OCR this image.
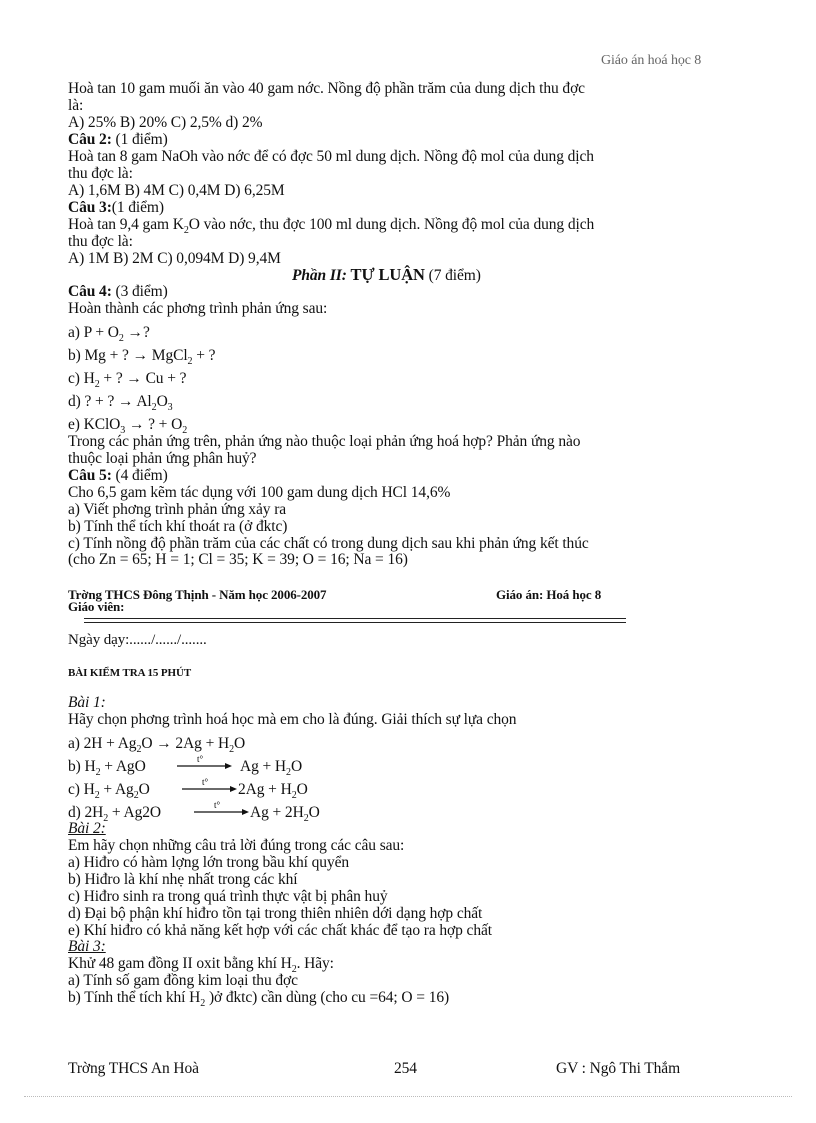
Giáo án hoá học 8
Hoà tan 10 gam muối ăn vào 40 gam nớc. Nồng độ phần trăm của dung dịch thu đợc
là:
A) 25% B) 20% C) 2,5% d) 2%
Câu 2: (1 điểm)
Hoà tan 8 gam NaOh vào nớc để có đợc 50 ml dung dịch. Nồng độ mol của dung dịch
thu đợc là:
A) 1,6M B) 4M C) 0,4M D) 6,25M
Câu 3:(1 điểm)
Hoà tan 9,4 gam $K_2O$ vào nớc, thu đợc 100 ml dung dịch. Nồng độ mol của dung dịch
thu đợc là:
A) 1M B) 2M C) 0,094M D) 9,4M
Phần II: TỰ LUẬN (7 điểm)
Câu 4: (3 điểm)
Hoàn thành các phơng trình phản ứng sau:
a) $P + O_2$ →?
b) Mg + ? → MgCl$_2$ + ?
c) $H_2$ + ? → Cu + ?
d) ? + ? → $Al_2O_3$
e) KClO$_3$ → ? + $O_2$
Trong các phản ứng trên, phản ứng nào thuộc loại phản ứng hoá hợp? Phản ứng nào
thuộc loại phản ứng phân huỷ?
Câu 5: (4 điểm)
Cho 6,5 gam kẽm tác dụng với 100 gam dung dịch HCl 14,6%
a) Viết phơng trình phản ứng xảy ra
b) Tính thể tích khí thoát ra (ở đktc)
c) Tính nồng độ phần trăm của các chất có trong dung dịch sau khi phản ứng kết thúc
(cho Zn = 65; H = 1; Cl = 35; K = 39; O = 16; Na = 16)
Trờng THCS Đông Thịnh - Năm học 2006-2007	Giáo án: Hoá học 8
Giáo viên:
Ngày dạy:....../....../.......
BÀI KIỂM TRA 15 PHÚT
Bài 1:
Hãy chọn phơng trình hoá học mà em cho là đúng. Giải thích sự lựa chọn
a) $2H + Ag_2O \to 2Ag + H_2O$
b) $H_2$ + AgO	t° $Ag + H_2O$
c) $H_2 + Ag_2O$	t° $2Ag + H_2O$
d) $2H_2 + Ag2O$	t° $Ag + 2H_2O$
Bài 2:
Em hãy chọn những câu trả lời đúng trong các câu sau:
a) Hiđro có hàm lợng lớn trong bầu khí quyển
b) Hiđro là khí nhẹ nhất trong các khí
c) Hiđro sinh ra trong quá trình thực vật bị phân huỷ
d) Đại bộ phận khí hiđro tồn tại trong thiên nhiên dới dạng hợp chất
e) Khí hiđro có khả năng kết hợp với các chất khác để tạo ra hợp chất
Bài 3:
Khử 48 gam đồng II oxit bằng khí $H_2$. Hãy:
a) Tính số gam đồng kim loại thu đợc
b) Tính thể tích khí $H_2$ )ở đktc) cần dùng (cho cu =64; O = 16)
Trờng THCS An Hoà	254	GV : Ngô Thi Thắm
